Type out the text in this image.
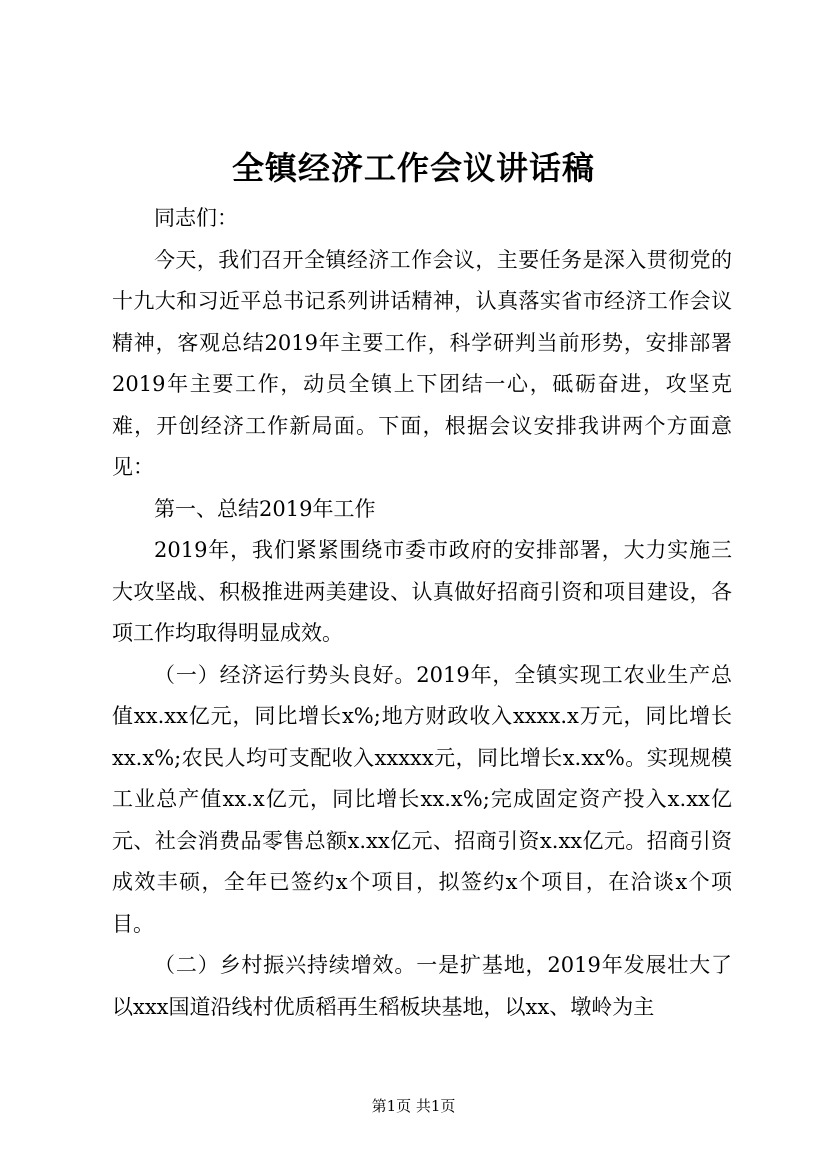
全镇经济工作会议讲话稿

同志们：

今天，我们召开全镇经济工作会议，主要任务是深入贯彻党的十九大和习近平总书记系列讲话精神，认真落实省市经济工作会议精神，客观总结2019年主要工作，科学研判当前形势，安排部署2019年主要工作，动员全镇上下团结一心，砥砺奋进，攻坚克难，开创经济工作新局面。下面，根据会议安排我讲两个方面意见：

第一、总结2019年工作

2019年，我们紧紧围绕市委市政府的安排部署，大力实施三大攻坚战、积极推进两美建设、认真做好招商引资和项目建设，各项工作均取得明显成效。

（一）经济运行势头良好。2019年，全镇实现工农业生产总值xx.xx亿元，同比增长x%;地方财政收入xxxx.x万元，同比增长xx.x%;农民人均可支配收入xxxxx元，同比增长x.xx%。实现规模工业总产值xx.x亿元，同比增长xx.x%;完成固定资产投入x.xx亿元、社会消费品零售总额x.xx亿元、招商引资x.xx亿元。招商引资成效丰硕，全年已签约x个项目，拟签约x个项目，在洽谈x个项目。

（二）乡村振兴持续增效。一是扩基地，2019年发展壮大了以xxx国道沿线村优质稻再生稻板块基地，以xx、墩岭为主

第1页 共1页
